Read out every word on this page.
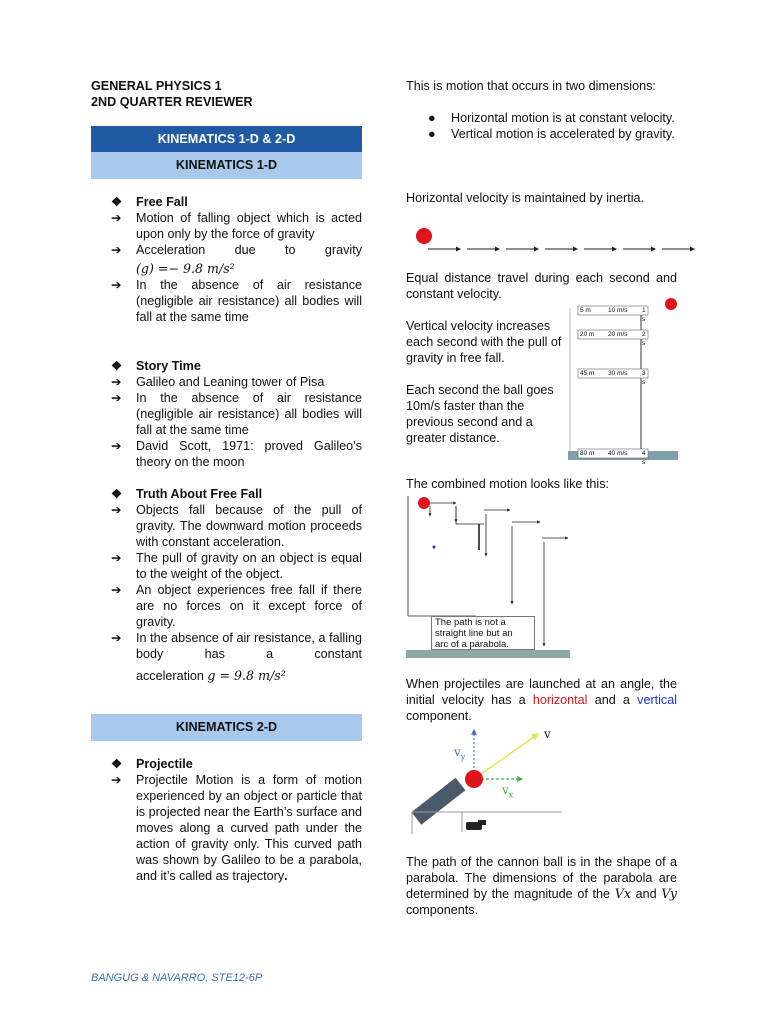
GENERAL PHYSICS 1
2ND QUARTER REVIEWER
KINEMATICS 1-D & 2-D
KINEMATICS 1-D
❖	Free Fall
➔	Motion of falling object which is acted upon only by the force of gravity
➔	Acceleration due to gravity
(g) =− 9.8 m/s²
➔	In the absence of air resistance (negligible air resistance) all bodies will fall at the same time
❖	Story Time
➔	Galileo and Leaning tower of Pisa
➔	In the absence of air resistance (negligible air resistance) all bodies will fall at the same time
➔	David Scott, 1971: proved Galileo’s theory on the moon
❖	Truth About Free Fall
➔	Objects fall because of the pull of gravity. The downward motion proceeds with constant acceleration.
➔	The pull of gravity on an object is equal to the weight of the object.
➔	An object experiences free fall if there are no forces on it except force of gravity.
➔	In the absence of air resistance, a falling body has a constant
acceleration g = 9.8 m/s²
KINEMATICS 2-D
❖	Projectile
➔	Projectile Motion is a form of motion experienced by an object or particle that is projected near the Earth’s surface and moves along a curved path under the action of gravity only. This curved path was shown by Galileo to be a parabola, and it’s called as trajectory.
This is motion that occurs in two dimensions:
● Horizontal motion is at constant velocity.
● Vertical motion is accelerated by gravity.
Horizontal velocity is maintained by inertia.
Equal distance travel during each second and constant velocity.
Vertical velocity increases each second with the pull of gravity in free fall.
Each second the ball goes 10m/s faster than the previous second and a greater distance.
5 m	10 m/s 1 s
20 m 20 m/s 2 s
45 m 30 m/s 3 s
80 m 40 m/s 4 s
The combined motion looks like this:
The path is not a
straight line but an
arc of a parabola.
When projectiles are launched at an angle, the initial velocity has a horizontal and a vertical component.
v
$v_y$
$v_x$
The path of the cannon ball is in the shape of a parabola. The dimensions of the parabola are determined by the magnitude of the Vx and Vy components.
BANGUG & NAVARRO, STE12-6P
